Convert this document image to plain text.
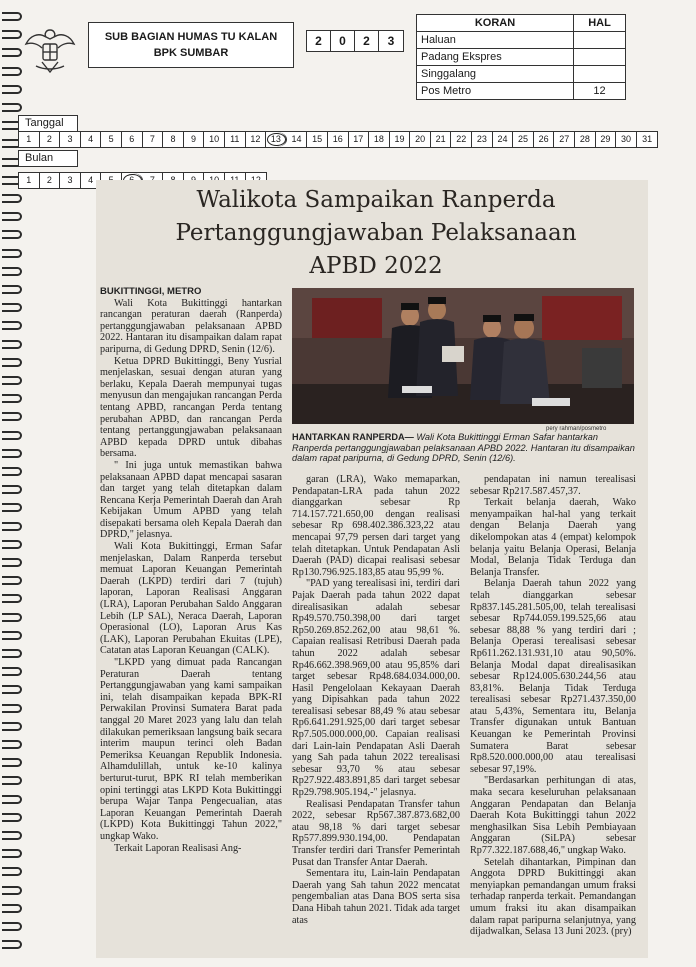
SUB BAGIAN HUMAS TU KALAN
BPK SUMBAR
2	0	2	3
KORAN	HAL
Haluan	
Padang Ekspres	
Singgalang	
Pos Metro	12
Tanggal
1	2	3	4	5	6	7	8	9	10	11	12	13	14	15	16	17	18	19	20	21	22	23	24	25	26	27	28	29	30	31
Bulan
1	2	3	4
Walikota Sampaikan Ranperda
Pertanggungjawaban Pelaksanaan
APBD 2022

BUKITTINGGI, METRO

Wali Kota Bukittinggi hantarkan rancangan peraturan daerah (Ranperda) pertanggungjawaban pelaksanaan APBD 2022. Hantaran itu disampaikan dalam rapat paripurna, di Gedung DPRD, Senin (12/6).

Ketua DPRD Bukittinggi, Beny Yusrial menjelaskan, sesuai dengan aturan yang berlaku, Kepala Daerah mempunyai tugas menyusun dan mengajukan rancangan Perda tentang APBD, rancangan Perda tentang perubahan APBD, dan rancangan Perda tentang pertanggungjawaban pelaksanaan APBD kepada DPRD untuk dibahas bersama.

" Ini juga untuk memastikan bahwa pelaksanaan APBD dapat mencapai sasaran dan target yang telah ditetapkan dalam Rencana Kerja Pemerintah Daerah dan Arah Kebijakan Umum APBD yang telah disepakati bersama oleh Kepala Daerah dan DPRD," jelasnya.

Wali Kota Bukittinggi, Erman Safar menjelaskan, Dalam Ranperda tersebut memuat Laporan Keuangan Pemerintah Daerah (LKPD) terdiri dari 7 (tujuh) laporan, Laporan Realisasi Anggaran (LRA), Laporan Perubahan Saldo Anggaran Lebih (LP SAL), Neraca Daerah, Laporan Operasional (LO), Laporan Arus Kas (LAK), Laporan Perubahan Ekuitas (LPE), Catatan atas Laporan Keuangan (CALK).

"LKPD yang dimuat pada Rancangan Peraturan Daerah tentang Pertanggungjawaban yang kami sampaikan ini, telah disampaikan kepada BPK-RI Perwakilan Provinsi Sumatera Barat pada tanggal 20 Maret 2023 yang lalu dan telah dilakukan pemeriksaan langsung baik secara interim maupun terinci oleh Badan Pemeriksa Keuangan Republik Indonesia. Alhamdulillah, untuk ke-10 kalinya berturut-turut, BPK RI telah memberikan opini tertinggi atas LKPD Kota Bukittinggi berupa Wajar Tanpa Pengecualian, atas Laporan Keuangan Pemerintah Daerah (LKPD) Kota Bukittinggi Tahun 2022," ungkap Wako.

Terkait Laporan Realisasi Ang-

pery rahman/posmetro
HANTARKAN RANPERDA— Wali Kota Bukittinggi Erman Safar hantarkan Ranperda pertanggungjawaban pelaksanaan APBD 2022. Hantaran itu disampaikan dalam rapat paripurna, di Gedung DPRD, Senin (12/6).

garan (LRA), Wako memaparkan, Pendapatan-LRA pada tahun 2022 dianggarkan sebesar Rp 714.157.721.650,00 dengan realisasi sebesar Rp 698.402.386.323,22 atau mencapai 97,79 persen dari target yang telah ditetapkan. Untuk Pendapatan Asli Daerah (PAD) dicapai realisasi sebesar Rp130.796.925.183,85 atau 95,99 %.

"PAD yang terealisasi ini, terdiri dari Pajak Daerah pada tahun 2022 dapat direalisasikan adalah sebesar Rp49.570.750.398,00 dari target Rp50.269.852.262,00 atau 98,61 %. Capaian realisasi Retribusi Daerah pada tahun 2022 adalah sebesar Rp46.662.398.969,00 atau 95,85% dari target sebesar Rp48.684.034.000,00. Hasil Pengelolaan Kekayaan Daerah yang Dipisahkan pada tahun 2022 terealisasi sebesar 88,49 % atau sebesar Rp6.641.291.925,00 dari target sebesar Rp7.505.000.000,00. Capaian realisasi dari Lain-lain Pendapatan Asli Daerah yang Sah pada tahun 2022 terealisasi sebesar 93,70 % atau sebesar Rp27.922.483.891,85 dari target sebesar Rp29.798.905.194,-" jelasnya.

Realisasi Pendapatan Transfer tahun 2022, sebesar Rp567.387.873.682,00 atau 98,18 % dari target sebesar Rp577.899.930.194,00. Pendapatan Transfer terdiri dari Transfer Pemerintah Pusat dan Transfer Antar Daerah.

Sementara itu, Lain-lain Pendapatan Daerah yang Sah tahun 2022 mencatat pengembalian atas Dana BOS serta sisa Dana Hibah tahun 2021. Tidak ada target atas

pendapatan ini namun terealisasi sebesar Rp217.587.457,37.

Terkait belanja daerah, Wako menyampaikan hal-hal yang terkait dengan Belanja Daerah yang dikelompokan atas 4 (empat) kelompok belanja yaitu Belanja Operasi, Belanja Modal, Belanja Tidak Terduga dan Belanja Transfer.

Belanja Daerah tahun 2022 yang telah dianggarkan sebesar Rp837.145.281.505,00, telah terealisasi sebesar Rp744.059.199.525,66 atau sebesar 88,88 % yang terdiri dari ; Belanja Operasi terealisasi sebesar Rp611.262.131.931,10 atau 90,50%. Belanja Modal dapat direalisasikan sebesar Rp124.005.630.244,56 atau 83,81%. Belanja Tidak Terduga terealisasi sebesar Rp271.437.350,00 atau 5,43%, Sementara itu, Belanja Transfer digunakan untuk Bantuan Keuangan ke Pemerintah Provinsi Sumatera Barat sebesar Rp8.520.000.000,00 atau terealisasi sebesar 97,19%.

"Berdasarkan perhitungan di atas, maka secara keseluruhan pelaksanaan Anggaran Pendapatan dan Belanja Daerah Kota Bukittinggi tahun 2022 menghasilkan Sisa Lebih Pembiayaan Anggaran (SiLPA) sebesar Rp77.322.187.688,46," ungkap Wako.

Setelah dihantarkan, Pimpinan dan Anggota DPRD Bukittinggi akan menyiapkan pemandangan umum fraksi terhadap ranperda terkait. Pemandangan umum fraksi itu akan disampaikan dalam rapat paripurna selanjutnya, yang dijadwalkan, Selasa 13 Juni 2023. (pry)
